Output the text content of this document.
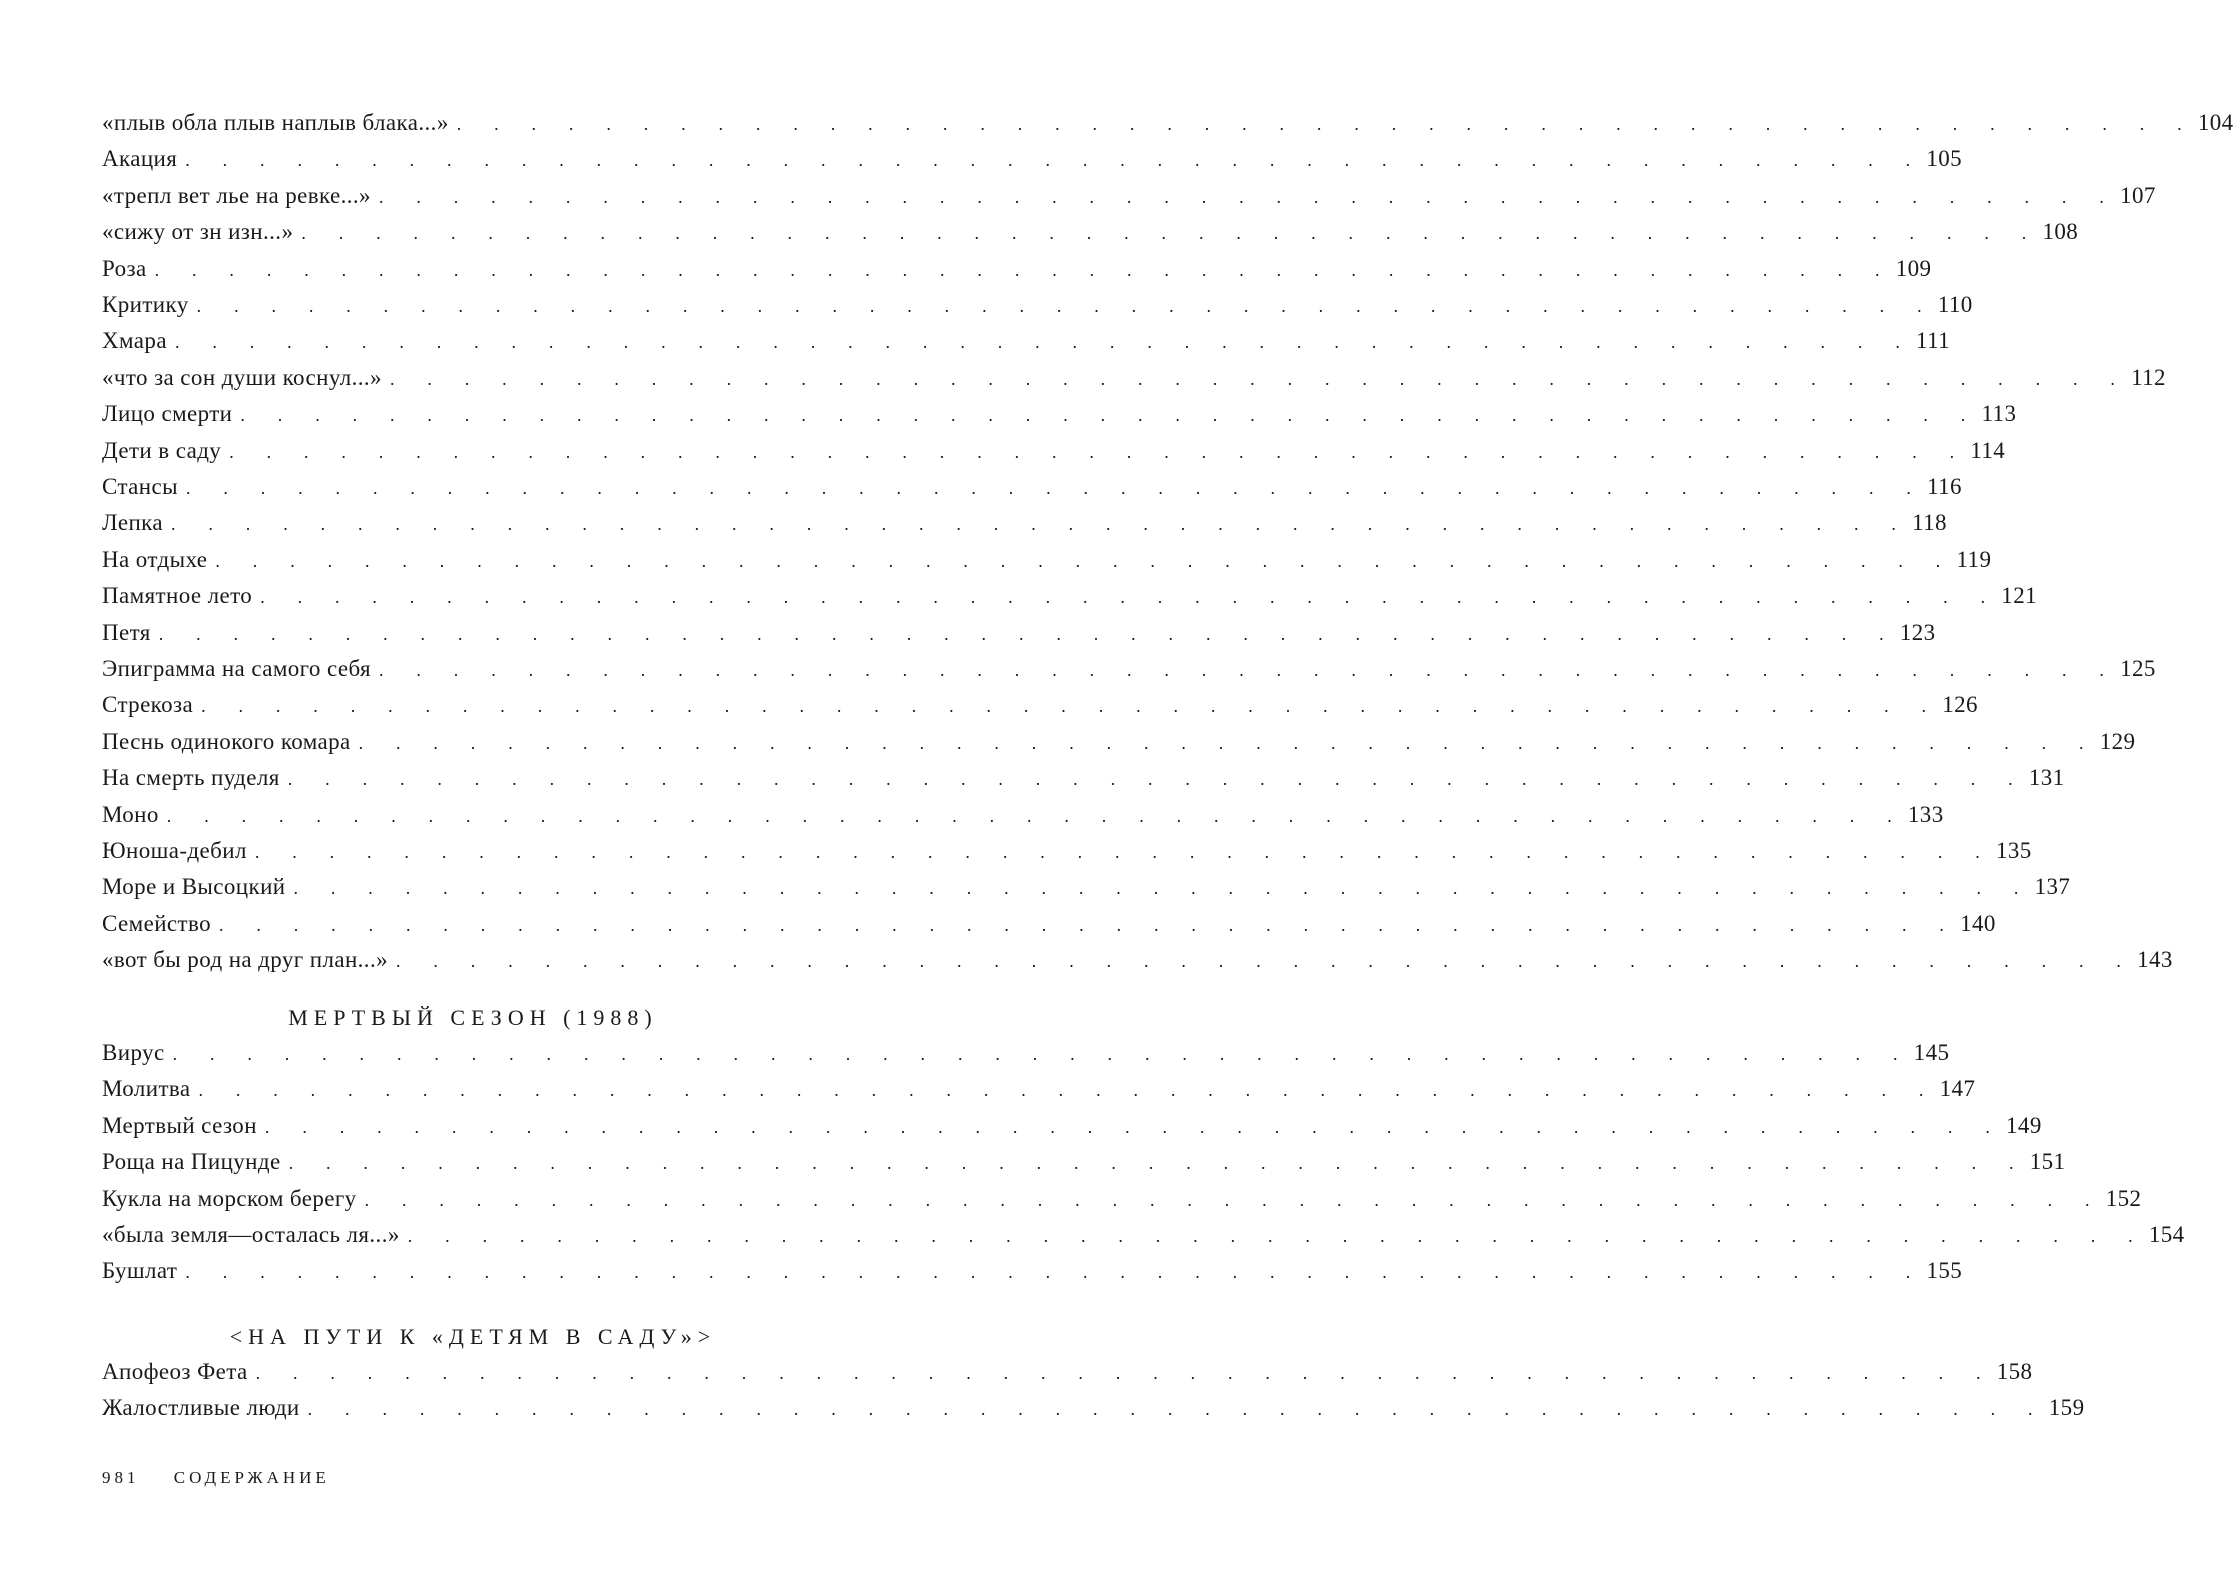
«плыв обла плыв наплыв блака...» . . . . . . . . . . . . . . . . . . . . . . . . . . . . . . . . . . . . . . . . . . . . . . . 104
Акация . . . . . . . . . . . . . . . . . . . . . . . . . . . . . . . . . . . . . . . . . . . . . . . 105
«трепл вет лье на ревке...» . . . . . . . . . . . . . . . . . . . . . . . . . . . . . . . . . . . . . . . . . . . . . . . 107
«сижу от зн изн...» . . . . . . . . . . . . . . . . . . . . . . . . . . . . . . . . . . . . . . . . . . . . . . . 108
Роза . . . . . . . . . . . . . . . . . . . . . . . . . . . . . . . . . . . . . . . . . . . . . . . 109
Критику . . . . . . . . . . . . . . . . . . . . . . . . . . . . . . . . . . . . . . . . . . . . . . . 110
Хмара . . . . . . . . . . . . . . . . . . . . . . . . . . . . . . . . . . . . . . . . . . . . . . . 111
«что за сон души коснул...» . . . . . . . . . . . . . . . . . . . . . . . . . . . . . . . . . . . . . . . . . . . . . . . 112
Лицо смерти . . . . . . . . . . . . . . . . . . . . . . . . . . . . . . . . . . . . . . . . . . . . . . . 113
Дети в саду . . . . . . . . . . . . . . . . . . . . . . . . . . . . . . . . . . . . . . . . . . . . . . . 114
Стансы . . . . . . . . . . . . . . . . . . . . . . . . . . . . . . . . . . . . . . . . . . . . . . . 116
Лепка . . . . . . . . . . . . . . . . . . . . . . . . . . . . . . . . . . . . . . . . . . . . . . . 118
На отдыхе . . . . . . . . . . . . . . . . . . . . . . . . . . . . . . . . . . . . . . . . . . . . . . . 119
Памятное лето . . . . . . . . . . . . . . . . . . . . . . . . . . . . . . . . . . . . . . . . . . . . . . . 121
Петя . . . . . . . . . . . . . . . . . . . . . . . . . . . . . . . . . . . . . . . . . . . . . . . 123
Эпиграмма на самого себя . . . . . . . . . . . . . . . . . . . . . . . . . . . . . . . . . . . . . . . . . . . . . . . 125
Стрекоза . . . . . . . . . . . . . . . . . . . . . . . . . . . . . . . . . . . . . . . . . . . . . . . 126
Песнь одинокого комара . . . . . . . . . . . . . . . . . . . . . . . . . . . . . . . . . . . . . . . . . . . . . . . 129
На смерть пуделя . . . . . . . . . . . . . . . . . . . . . . . . . . . . . . . . . . . . . . . . . . . . . . . 131
Моно . . . . . . . . . . . . . . . . . . . . . . . . . . . . . . . . . . . . . . . . . . . . . . . 133
Юноша-дебил . . . . . . . . . . . . . . . . . . . . . . . . . . . . . . . . . . . . . . . . . . . . . . . 135
Море и Высоцкий . . . . . . . . . . . . . . . . . . . . . . . . . . . . . . . . . . . . . . . . . . . . . . . 137
Семейство . . . . . . . . . . . . . . . . . . . . . . . . . . . . . . . . . . . . . . . . . . . . . . . 140
«вот бы род на друг план...» . . . . . . . . . . . . . . . . . . . . . . . . . . . . . . . . . . . . . . . . . . . . . . . 143
МЕРТВЫЙ СЕЗОН (1988)
Вирус . . . . . . . . . . . . . . . . . . . . . . . . . . . . . . . . . . . . . . . . . . . . . . . 145
Молитва . . . . . . . . . . . . . . . . . . . . . . . . . . . . . . . . . . . . . . . . . . . . . . . 147
Мертвый сезон . . . . . . . . . . . . . . . . . . . . . . . . . . . . . . . . . . . . . . . . . . . . . . . 149
Роща на Пицунде . . . . . . . . . . . . . . . . . . . . . . . . . . . . . . . . . . . . . . . . . . . . . . . 151
Кукла на морском берегу . . . . . . . . . . . . . . . . . . . . . . . . . . . . . . . . . . . . . . . . . . . . . . . 152
«была земля—осталась ля...» . . . . . . . . . . . . . . . . . . . . . . . . . . . . . . . . . . . . . . . . . . . . . . . 154
Бушлат . . . . . . . . . . . . . . . . . . . . . . . . . . . . . . . . . . . . . . . . . . . . . . . 155
<НА ПУТИ К «ДЕТЯМ В САДУ»>
Апофеоз Фета . . . . . . . . . . . . . . . . . . . . . . . . . . . . . . . . . . . . . . . . . . . . . . . 158
Жалостливые люди . . . . . . . . . . . . . . . . . . . . . . . . . . . . . . . . . . . . . . . . . . . . . . . 159
981 СОДЕРЖАНИЕ
